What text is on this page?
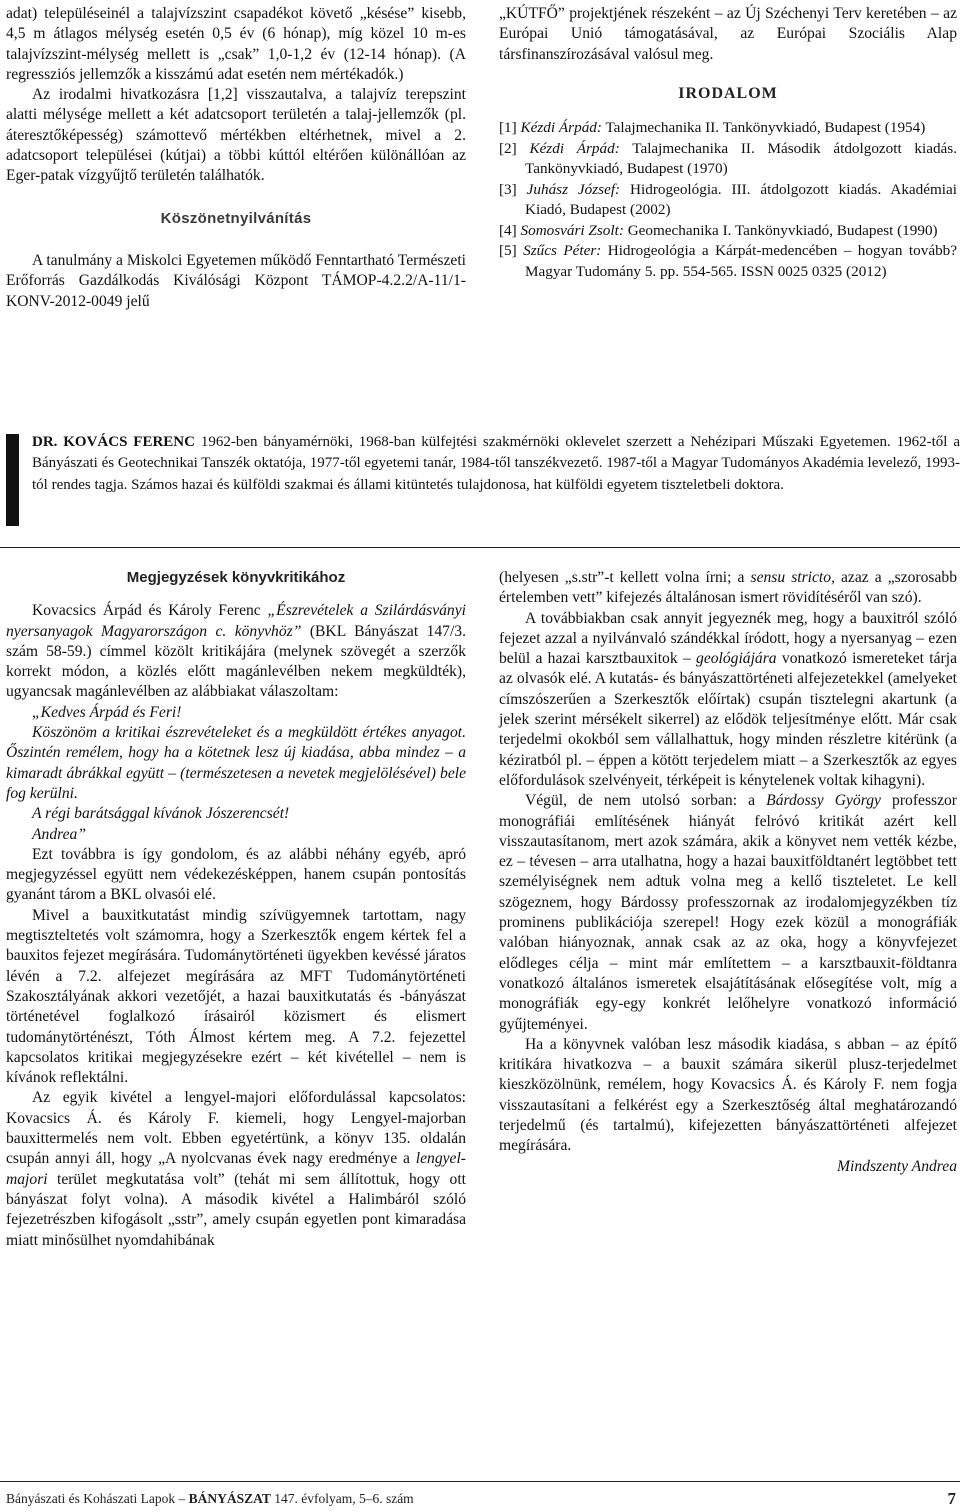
adat) településeinél a talajvízszint csapadékot követő „késése” kisebb, 4,5 m átlagos mélység esetén 0,5 év (6 hónap), míg közel 10 m-es talajvízszint-mélység mellett is „csak” 1,0-1,2 év (12-14 hónap). (A regressziós jellemzők a kisszámú adat esetén nem mértékadók.)

Az irodalmi hivatkozásra [1,2] visszautalva, a talajvíz terepszint alatti mélysége mellett a két adatcsoport területén a talaj-jellemzők (pl. áteresztőképesség) számottevő mértékben eltérhetnek, mivel a 2. adatcsoport települései (kútjai) a többi kúttól eltérően különállóan az Eger-patak vízgyűjtő területén találhatók.

Köszönetnyilvánítás

A tanulmány a Miskolci Egyetemen működő Fenntartható Természeti Erőforrás Gazdálkodás Kiválósági Központ TÁMOP-4.2.2/A-11/1-KONV-2012-0049 jelű

„KÚTFŐ” projektjének részeként – az Új Széchenyi Terv keretében – az Európai Unió támogatásával, az Európai Szociális Alap társfinanszírozásával valósul meg.

IRODALOM

[1] Kézdi Árpád: Talajmechanika II. Tankönyvkiadó, Budapest (1954)

[2] Kézdi Árpád: Talajmechanika II. Második átdolgozott kiadás. Tankönyvkiadó, Budapest (1970)

[3] Juhász József: Hidrogeológia. III. átdolgozott kiadás. Akadémiai Kiadó, Budapest (2002)

[4] Somosvári Zsolt: Geomechanika I. Tankönyvkiadó, Budapest (1990)

[5] Szűcs Péter: Hidrogeológia a Kárpát-medencében – hogyan tovább? Magyar Tudomány 5. pp. 554-565. ISSN 0025 0325 (2012)

DR. KOVÁCS FERENC 1962-ben bányamérnöki, 1968-ban külfejtési szakmérnöki oklevelet szerzett a Nehézipari Műszaki Egyetemen. 1962-től a Bányászati és Geotechnikai Tanszék oktatója, 1977-től egyetemi tanár, 1984-től tanszékvezető. 1987-től a Magyar Tudományos Akadémia levelező, 1993-tól rendes tagja. Számos hazai és külföldi szakmai és állami kitüntetés tulajdonosa, hat külföldi egyetem tiszteletbeli doktora.
Megjegyzések könyvkritikához

Kovacsics Árpád és Károly Ferenc „Észrevételek a Szilárdásványi nyersanyagok Magyarországon c. könyvhöz” (BKL Bányászat 147/3. szám 58-59.) címmel közölt kritikájára (melynek szövegét a szerzők korrekt módon, a közlés előtt magánlevélben nekem megküldték), ugyancsak magánlevélben az alábbiakat válaszoltam:

„Kedves Árpád és Feri!

Köszönöm a kritikai észrevételeket és a megküldött értékes anyagot. Őszintén remélem, hogy ha a kötetnek lesz új kiadása, abba mindez – a kimaradt ábrákkal együtt – (természetesen a nevetek megjelölésével) bele fog kerülni.

A régi barátsággal kívánok Jószerencsét!

Andrea”

Ezt továbbra is így gondolom, és az alábbi néhány egyéb, apró megjegyzéssel együtt nem védekezésképpen, hanem csupán pontosítás gyanánt tárom a BKL olvasói elé.

Mivel a bauxitkutatást mindig szívügyemnek tartottam, nagy megtiszteltetés volt számomra, hogy a Szerkesztők engem kértek fel a bauxitos fejezet megírására. Tudománytörténeti ügyekben kevéssé járatos lévén a 7.2. alfejezet megírására az MFT Tudománytörténeti Szakosztályának akkori vezetőjét, a hazai bauxitkutatás és -bányászat történetével foglalkozó írásairól közismert és elismert tudománytörténészt, Tóth Álmost kértem meg. A 7.2. fejezettel kapcsolatos kritikai megjegyzésekre ezért – két kivétellel – nem is kívánok reflektálni.

Az egyik kivétel a lengyel-majori előfordulással kapcsolatos: Kovacsics Á. és Károly F. kiemeli, hogy Lengyel-majorban bauxittermelés nem volt. Ebben egyetértünk, a könyv 135. oldalán csupán annyi áll, hogy „A nyolcvanas évek nagy eredménye a lengyel-majori terület megkutatása volt” (tehát mi sem állítottuk, hogy ott bányászat folyt volna). A második kivétel a Halimbáról szóló fejezetrészben kifogásolt „sstr”, amely csupán egyetlen pont kimaradása miatt minősülhet nyomdahibának

(helyesen „s.str”-t kellett volna írni; a sensu stricto, azaz a „szorosabb értelemben vett” kifejezés általánosan ismert rövidítéséről van szó).

A továbbiakban csak annyit jegyeznék meg, hogy a bauxitról szóló fejezet azzal a nyilvánvaló szándékkal íródott, hogy a nyersanyag – ezen belül a hazai karsztbauxitok – geológiájára vonatkozó ismereteket tárja az olvasók elé. A kutatás- és bányászattörténeti alfejezetekkel (amelyeket címszószerűen a Szerkesztők előírtak) csupán tisztelegni akartunk (a jelek szerint mérsékelt sikerrel) az elődök teljesítménye előtt. Már csak terjedelmi okokból sem vállalhattuk, hogy minden részletre kitérünk (a kéziratból pl. – éppen a kötött terjedelem miatt – a Szerkesztők az egyes előfordulások szelvényeit, térképeit is kénytelenek voltak kihagyni).

Végül, de nem utolsó sorban: a Bárdossy György professzor monográfiái említésének hiányát felróvó kritikát azért kell visszautasítanom, mert azok számára, akik a könyvet nem vették kézbe, ez – tévesen – arra utalhatna, hogy a hazai bauxitföldtanért legtöbbet tett személyiségnek nem adtuk volna meg a kellő tiszteletet. Le kell szögeznem, hogy Bárdossy professzornak az irodalomjegyzékben tíz prominens publikációja szerepel! Hogy ezek közül a monográfiák valóban hiányoznak, annak csak az az oka, hogy a könyvfejezet elődleges célja – mint már említettem – a karsztbauxit-földtanra vonatkozó általános ismeretek elsajátításának elősegítése volt, míg a monográfiák egy-egy konkrét lelőhelyre vonatkozó információ gyűjteményei.

Ha a könyvnek valóban lesz második kiadása, s abban – az építő kritikára hivatkozva – a bauxit számára sikerül plusz-terjedelmet kieszközölnünk, remélem, hogy Kovacsics Á. és Károly F. nem fogja visszautasítani a felkérést egy a Szerkesztőség által meghatározandó terjedelmű (és tartalmú), kifejezetten bányászattörténeti alfejezet megírására.

Mindszenty Andrea

Bányászati és Kohászati Lapok – BÁNYÁSZAT 147. évfolyam, 5–6. szám	7
